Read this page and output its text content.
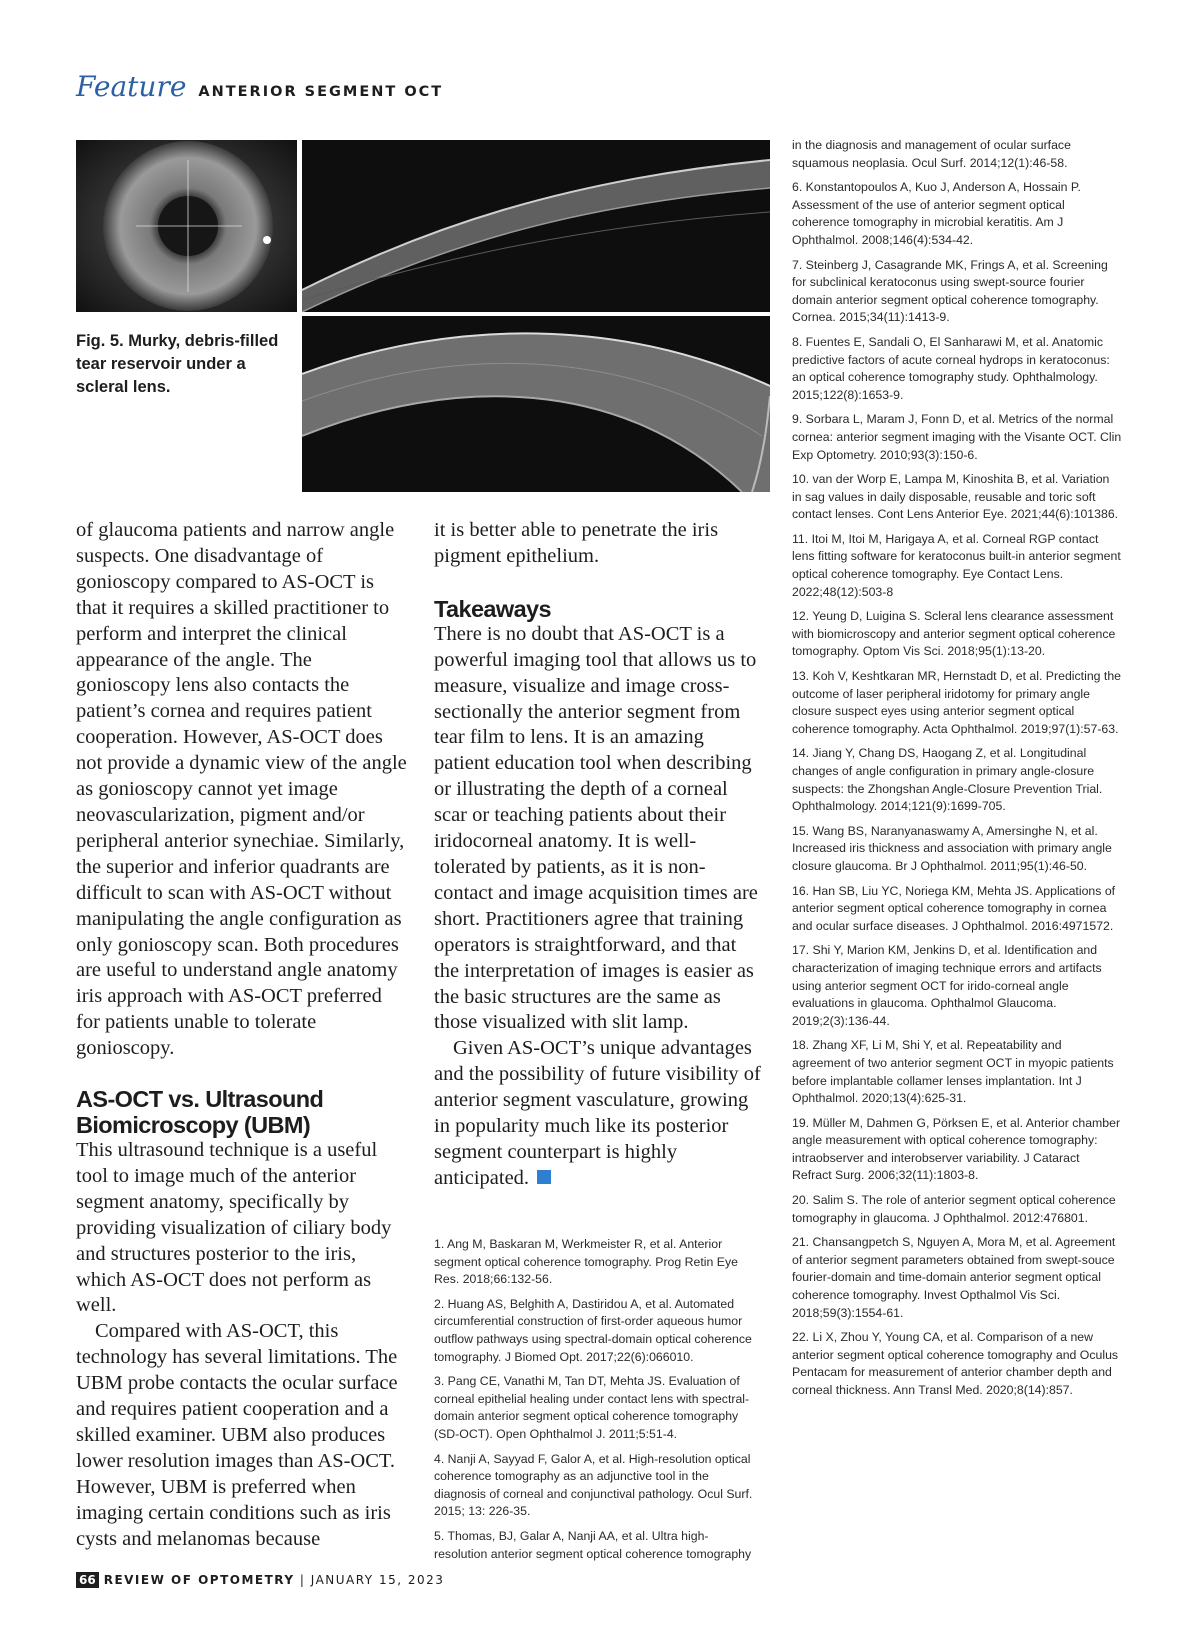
Feature ANTERIOR SEGMENT OCT
Fig. 5. Murky, debris-filled tear reservoir under a scleral lens.

of glaucoma patients and narrow angle suspects. One disadvantage of gonioscopy compared to AS-OCT is that it requires a skilled practitioner to perform and interpret the clinical appearance of the angle. The gonioscopy lens also contacts the patient’s cornea and requires patient cooperation. However, AS-OCT does not provide a dynamic view of the angle as gonioscopy cannot yet image neovascularization, pigment and/or peripheral anterior synechiae. Similarly, the superior and inferior quadrants are difficult to scan with AS-OCT without manipulating the angle configuration as only gonioscopy scan. Both procedures are useful to understand angle anatomy iris approach with AS-OCT preferred for patients unable to tolerate gonioscopy.

AS-OCT vs. Ultrasound Biomicroscopy (UBM)

This ultrasound technique is a useful tool to image much of the anterior segment anatomy, specifically by providing visualization of ciliary body and structures posterior to the iris, which AS-OCT does not perform as well.

Compared with AS-OCT, this technology has several limitations. The UBM probe contacts the ocular surface and requires patient cooperation and a skilled examiner. UBM also produces lower resolution images than AS-OCT. However, UBM is preferred when imaging certain conditions such as iris cysts and melanomas because

it is better able to penetrate the iris pigment epithelium.

Takeaways

There is no doubt that AS-OCT is a powerful imaging tool that allows us to measure, visualize and image cross-sectionally the anterior segment from tear film to lens. It is an amazing patient education tool when describing or illustrating the depth of a corneal scar or teaching patients about their iridocorneal anatomy. It is well-tolerated by patients, as it is non-contact and image acquisition times are short. Practitioners agree that training operators is straightforward, and that the interpretation of images is easier as the basic structures are the same as those visualized with slit lamp.

Given AS-OCT’s unique advantages and the possibility of future visibility of anterior segment vasculature, growing in popularity much like its posterior segment counterpart is highly anticipated.

1. Ang M, Baskaran M, Werkmeister R, et al. Anterior segment optical coherence tomography. Prog Retin Eye Res. 2018;66:132-56.

2. Huang AS, Belghith A, Dastiridou A, et al. Automated circumferential construction of first-order aqueous humor outflow pathways using spectral-domain optical coherence tomography. J Biomed Opt. 2017;22(6):066010.

3. Pang CE, Vanathi M, Tan DT, Mehta JS. Evaluation of corneal epithelial healing under contact lens with spectral-domain anterior segment optical coherence tomography (SD-OCT). Open Ophthalmol J. 2011;5:51-4.

4. Nanji A, Sayyad F, Galor A, et al. High-resolution optical coherence tomography as an adjunctive tool in the diagnosis of corneal and conjunctival pathology. Ocul Surf. 2015; 13: 226-35.

5. Thomas, BJ, Galar A, Nanji AA, et al. Ultra high-resolution anterior segment optical coherence tomography

in the diagnosis and management of ocular surface squamous neoplasia. Ocul Surf. 2014;12(1):46-58.

6. Konstantopoulos A, Kuo J, Anderson A, Hossain P. Assessment of the use of anterior segment optical coherence tomography in microbial keratitis. Am J Ophthalmol. 2008;146(4):534-42.

7. Steinberg J, Casagrande MK, Frings A, et al. Screening for subclinical keratoconus using swept-source fourier domain anterior segment optical coherence tomography. Cornea. 2015;34(11):1413-9.

8. Fuentes E, Sandali O, El Sanharawi M, et al. Anatomic predictive factors of acute corneal hydrops in keratoconus: an optical coherence tomography study. Ophthalmology. 2015;122(8):1653-9.

9. Sorbara L, Maram J, Fonn D, et al. Metrics of the normal cornea: anterior segment imaging with the Visante OCT. Clin Exp Optometry. 2010;93(3):150-6.

10. van der Worp E, Lampa M, Kinoshita B, et al. Variation in sag values in daily disposable, reusable and toric soft contact lenses. Cont Lens Anterior Eye. 2021;44(6):101386.

11. Itoi M, Itoi M, Harigaya A, et al. Corneal RGP contact lens fitting software for keratoconus built-in anterior segment optical coherence tomography. Eye Contact Lens. 2022;48(12):503-8

12. Yeung D, Luigina S. Scleral lens clearance assessment with biomicroscopy and anterior segment optical coherence tomography. Optom Vis Sci. 2018;95(1):13-20.

13. Koh V, Keshtkaran MR, Hernstadt D, et al. Predicting the outcome of laser peripheral iridotomy for primary angle closure suspect eyes using anterior segment optical coherence tomography. Acta Ophthalmol. 2019;97(1):57-63.

14. Jiang Y, Chang DS, Haogang Z, et al. Longitudinal changes of angle configuration in primary angle-closure suspects: the Zhongshan Angle-Closure Prevention Trial. Ophthalmology. 2014;121(9):1699-705.

15. Wang BS, Naranyanaswamy A, Amersinghe N, et al. Increased iris thickness and association with primary angle closure glaucoma. Br J Ophthalmol. 2011;95(1):46-50.

16. Han SB, Liu YC, Noriega KM, Mehta JS. Applications of anterior segment optical coherence tomography in cornea and ocular surface diseases. J Ophthalmol. 2016:4971572.

17. Shi Y, Marion KM, Jenkins D, et al. Identification and characterization of imaging technique errors and artifacts using anterior segment OCT for irido-corneal angle evaluations in glaucoma. Ophthalmol Glaucoma. 2019;2(3):136-44.

18. Zhang XF, Li M, Shi Y, et al. Repeatability and agreement of two anterior segment OCT in myopic patients before implantable collamer lenses implantation. Int J Ophthalmol. 2020;13(4):625-31.

19. Müller M, Dahmen G, Pörksen E, et al. Anterior chamber angle measurement with optical coherence tomography: intraobserver and interobserver variability. J Cataract Refract Surg. 2006;32(11):1803-8.

20. Salim S. The role of anterior segment optical coherence tomography in glaucoma. J Ophthalmol. 2012:476801.

21. Chansangpetch S, Nguyen A, Mora M, et al. Agreement of anterior segment parameters obtained from swept-souce fourier-domain and time-domain anterior segment optical coherence tomography. Invest Opthalmol Vis Sci. 2018;59(3):1554-61.

22. Li X, Zhou Y, Young CA, et al. Comparison of a new anterior segment optical coherence tomography and Oculus Pentacam for measurement of anterior chamber depth and corneal thickness. Ann Transl Med. 2020;8(14):857.

66 REVIEW OF OPTOMETRY | JANUARY 15, 2023
